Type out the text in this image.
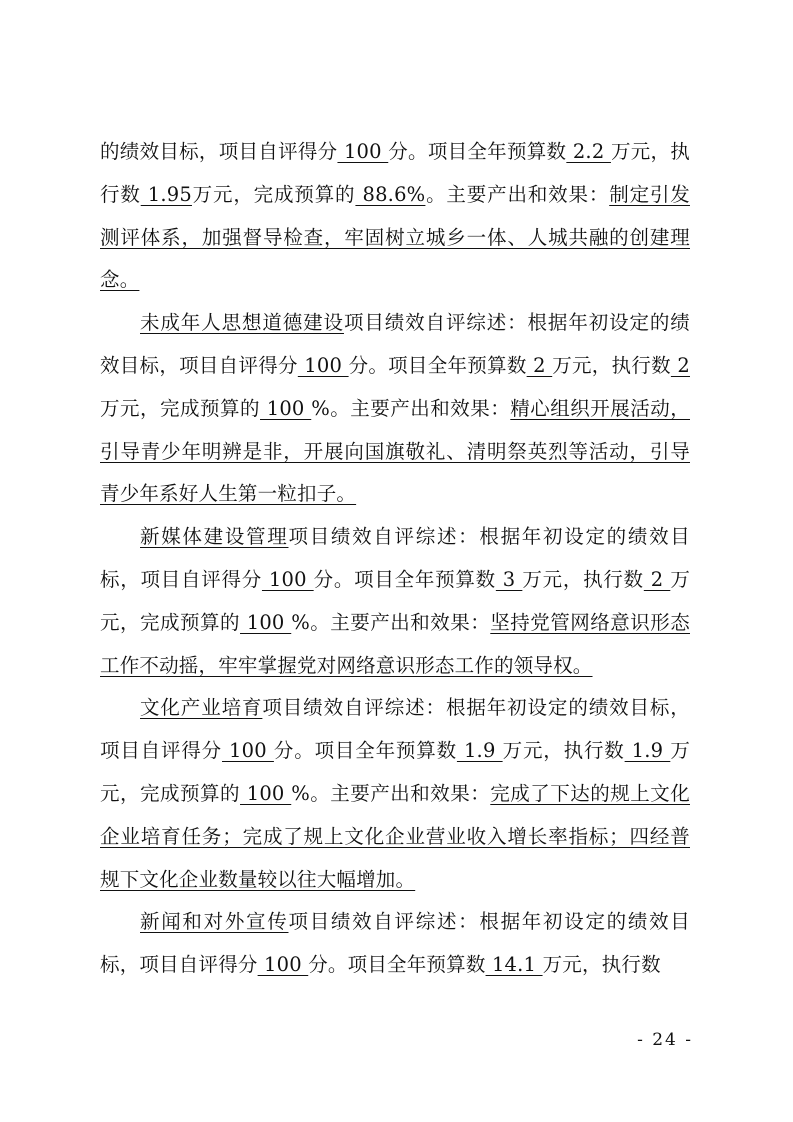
的绩效目标，项目自评得分 100 分。项目全年预算数 2.2 万元，执行数 1.95万元，完成预算的 88.6%。主要产出和效果：制定引发测评体系，加强督导检查，牢固树立城乡一体、人城共融的创建理念。

未成年人思想道德建设项目绩效自评综述：根据年初设定的绩效目标，项目自评得分 100 分。项目全年预算数 2 万元，执行数 2万元，完成预算的 100 %。主要产出和效果：精心组织开展活动，引导青少年明辨是非，开展向国旗敬礼、清明祭英烈等活动，引导青少年系好人生第一粒扣子。

新媒体建设管理项目绩效自评综述：根据年初设定的绩效目标，项目自评得分 100 分。项目全年预算数 3 万元，执行数 2 万元，完成预算的 100 %。主要产出和效果：坚持党管网络意识形态工作不动摇，牢牢掌握党对网络意识形态工作的领导权。

文化产业培育项目绩效自评综述：根据年初设定的绩效目标，项目自评得分 100 分。项目全年预算数 1.9 万元，执行数 1.9 万元，完成预算的 100 %。主要产出和效果：完成了下达的规上文化企业培育任务；完成了规上文化企业营业收入增长率指标；四经普规下文化企业数量较以往大幅增加。

新闻和对外宣传项目绩效自评综述：根据年初设定的绩效目标，项目自评得分 100 分。项目全年预算数 14.1 万元，执行数

- 24 -
